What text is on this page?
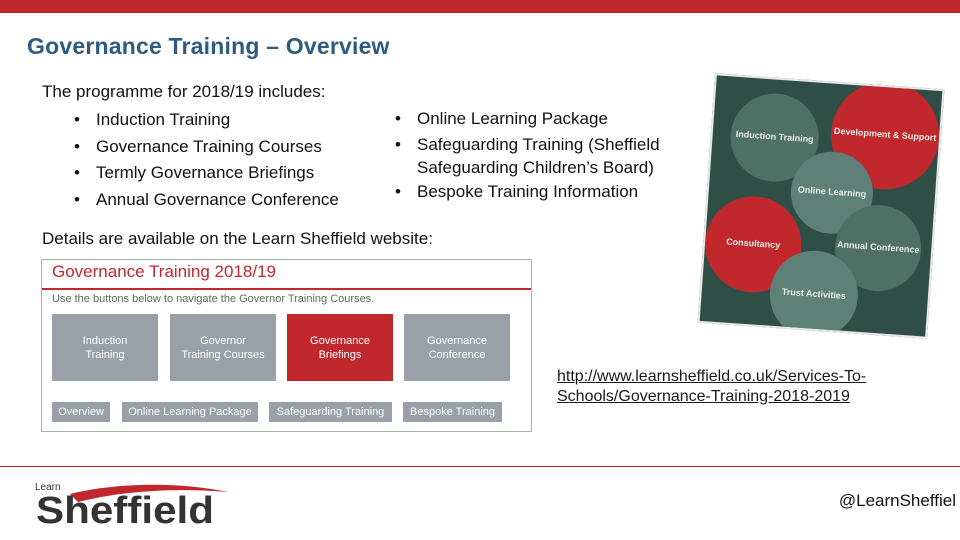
Governance Training – Overview
The programme for 2018/19 includes:
• Induction Training
• Governance Training Courses
• Termly Governance Briefings
• Annual Governance Conference
• Online Learning Package
• Safeguarding Training (Sheffield Safeguarding Children’s Board)
• Bespoke Training Information
Details are available on the Learn Sheffield website:
Governance Training 2018/19
Use the buttons below to navigate the Governor Training Courses.
Induction
Training
Governor
Training Courses
Governance
Briefings
Governance
Conference
Overview	Online Learning Package	Safeguarding Training	Bespoke Training
Induction Training Development & Support
Online Learning
Consultancy	Annual Conference
Trust Activities
http://www.learnsheffield.co.uk/Services-To-Schools/Governance-Training-2018-2019
Learn
Sheffield	@LearnSheffiel
